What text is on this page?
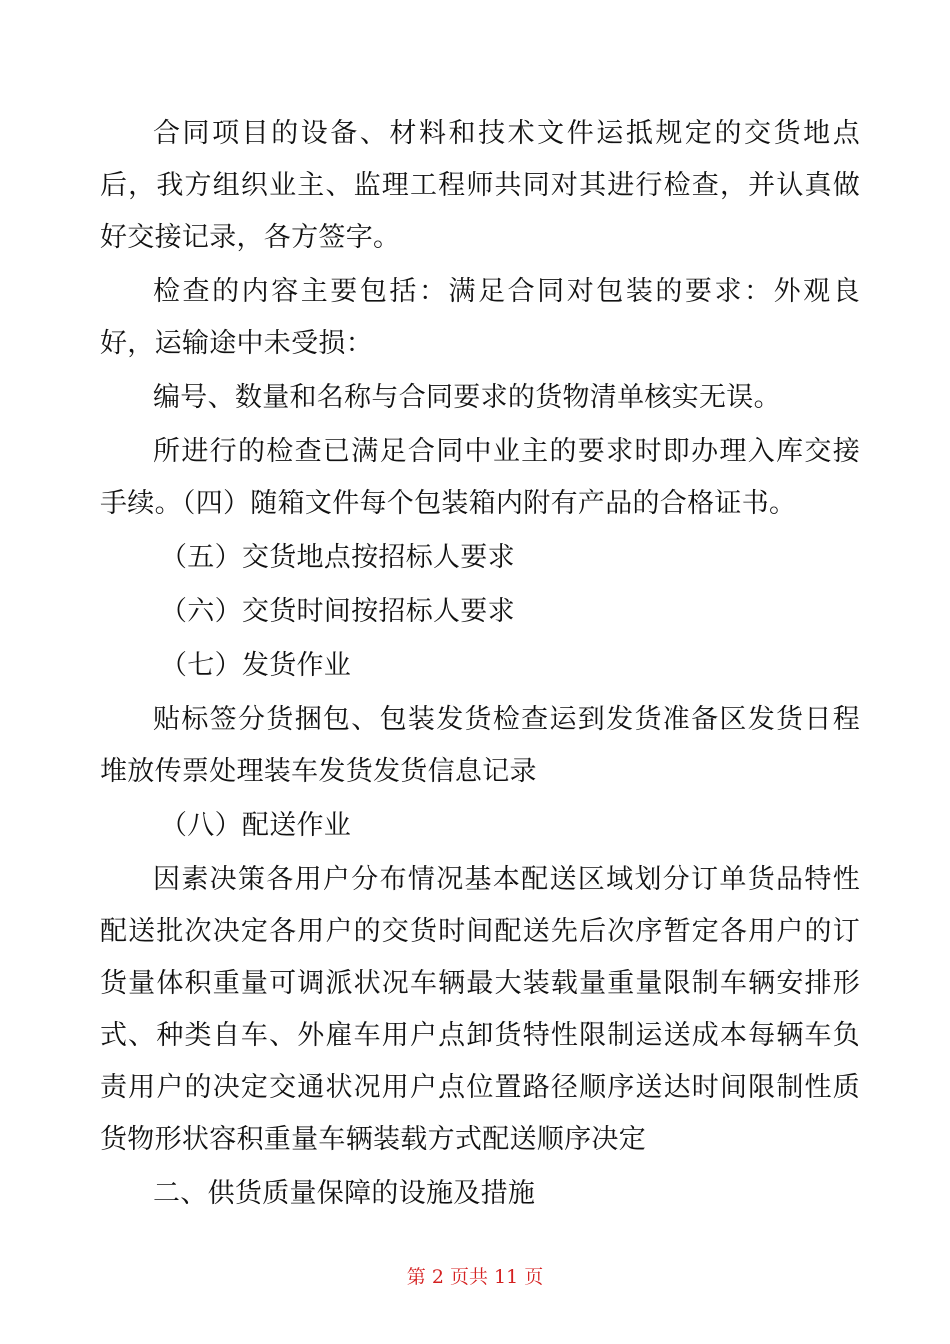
合同项目的设备、材料和技术文件运抵规定的交货地点后，我方组织业主、监理工程师共同对其进行检查，并认真做好交接记录，各方签字。

检查的内容主要包括：满足合同对包装的要求：外观良好，运输途中未受损：

编号、数量和名称与合同要求的货物清单核实无误。

所进行的检查已满足合同中业主的要求时即办理入库交接手续。（四）随箱文件每个包装箱内附有产品的合格证书。

（五）交货地点按招标人要求

（六）交货时间按招标人要求

（七）发货作业

贴标签分货捆包、包装发货检查运到发货准备区发货日程堆放传票处理装车发货发货信息记录

（八）配送作业

因素决策各用户分布情况基本配送区域划分订单货品特性配送批次决定各用户的交货时间配送先后次序暂定各用户的订货量体积重量可调派状况车辆最大装载量重量限制车辆安排形式、种类自车、外雇车用户点卸货特性限制运送成本每辆车负责用户的决定交通状况用户点位置路径顺序送达时间限制性质货物形状容积重量车辆装载方式配送顺序决定

二、供货质量保障的设施及措施

第 2 页共 11 页
